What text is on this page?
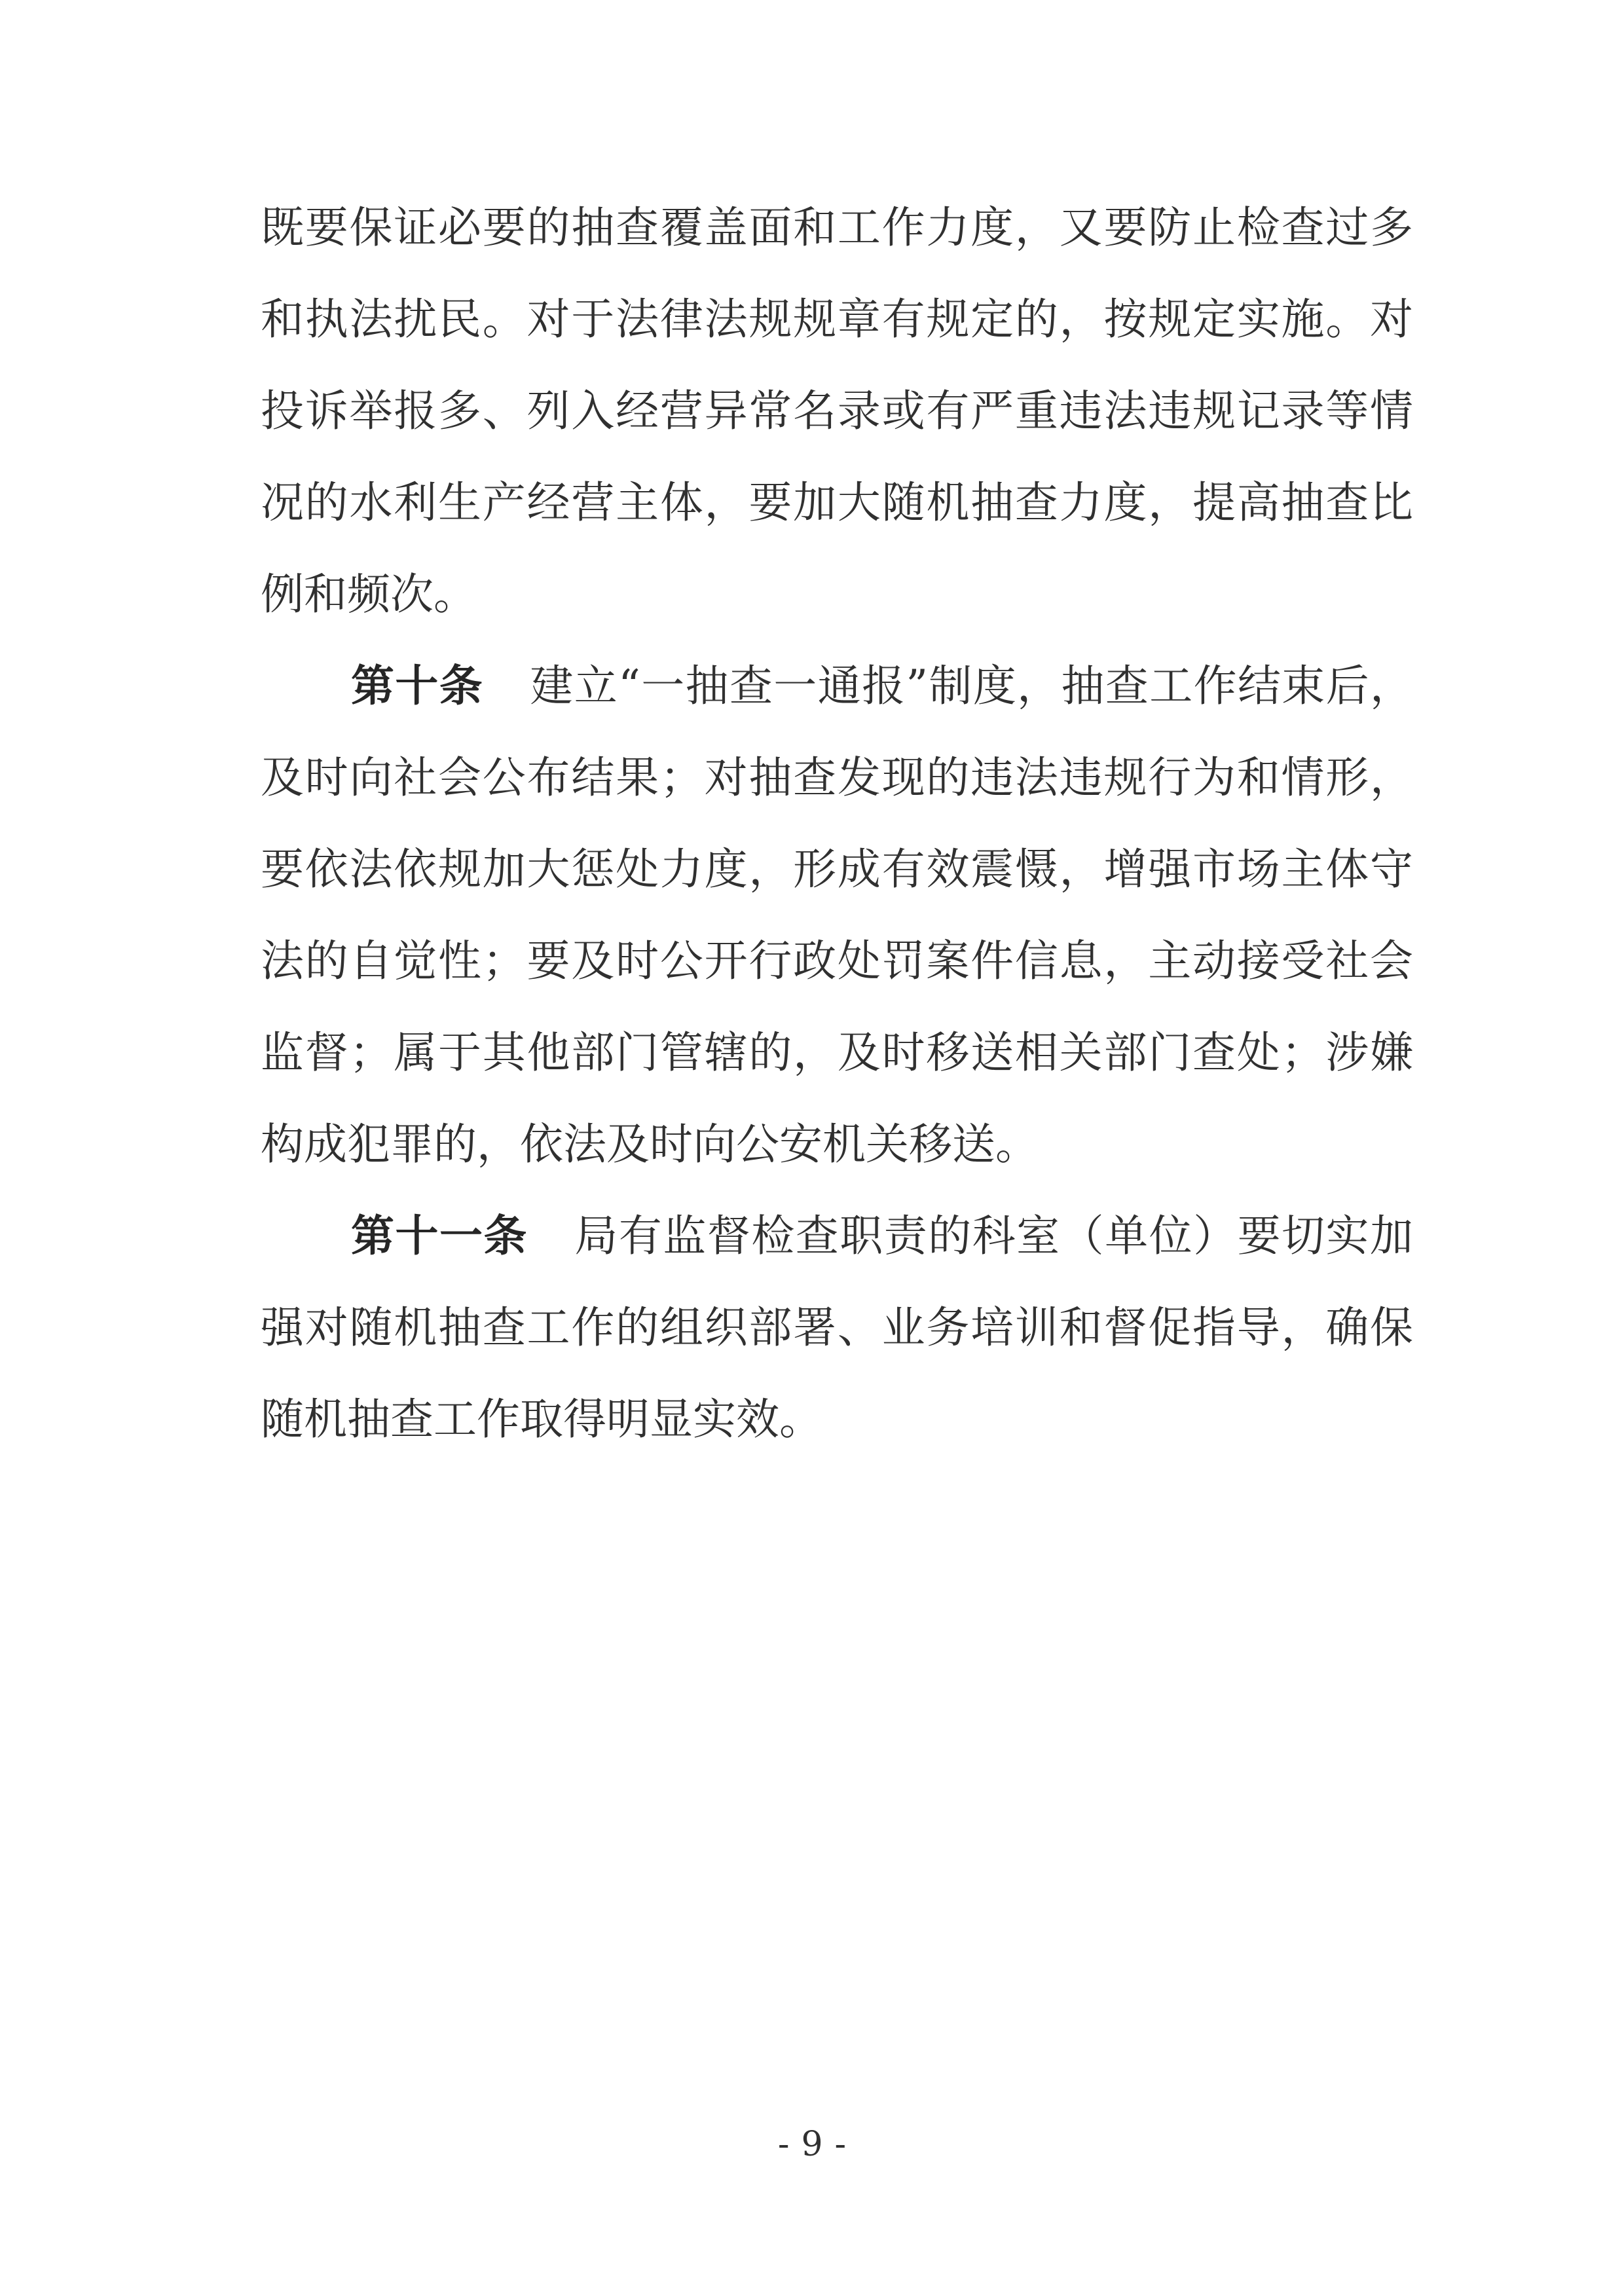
既要保证必要的抽查覆盖面和工作力度，又要防止检查过多
和执法扰民。对于法律法规规章有规定的，按规定实施。对
投诉举报多、列入经营异常名录或有严重违法违规记录等情
况的水利生产经营主体，要加大随机抽查力度，提高抽查比
例和频次。
第十条 建立“一抽查一通报”制度，抽查工作结束后，
及时向社会公布结果；对抽查发现的违法违规行为和情形，
要依法依规加大惩处力度，形成有效震慑，增强市场主体守
法的自觉性；要及时公开行政处罚案件信息，主动接受社会
监督；属于其他部门管辖的，及时移送相关部门查处；涉嫌
构成犯罪的，依法及时向公安机关移送。
第十一条 局有监督检查职责的科室（单位）要切实加
强对随机抽查工作的组织部署、业务培训和督促指导，确保
随机抽查工作取得明显实效。
- 9 -
